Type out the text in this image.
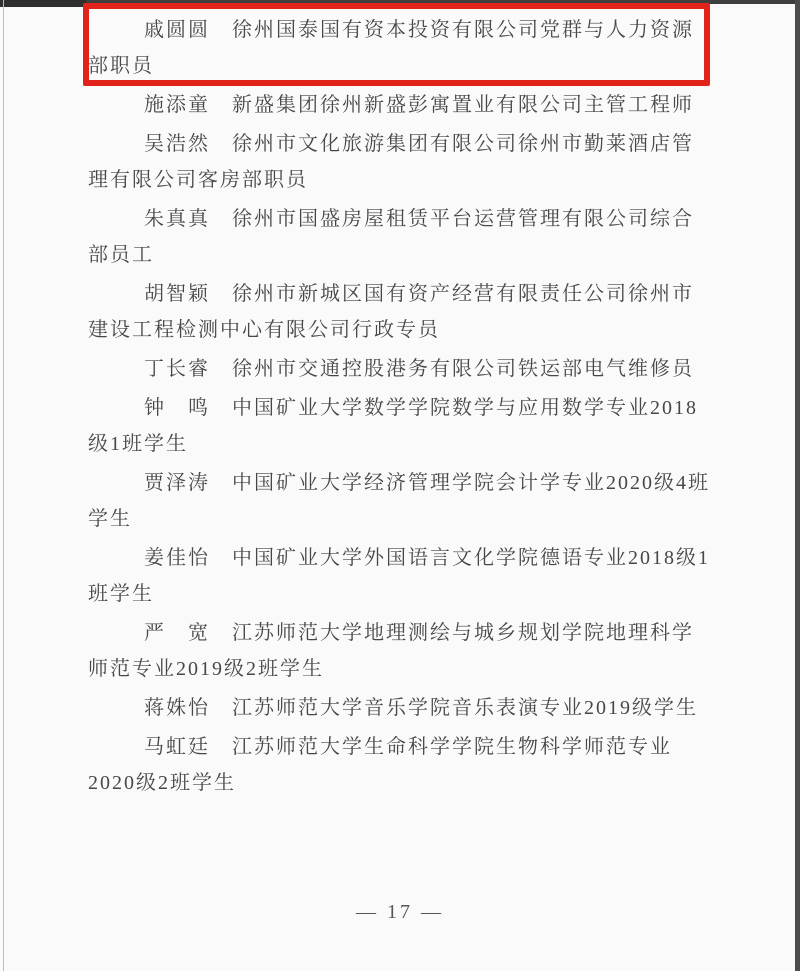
戚圆圆 徐州国泰国有资本投资有限公司党群与人力资源部职员

施添童 新盛集团徐州新盛彭寓置业有限公司主管工程师

吴浩然 徐州市文化旅游集团有限公司徐州市勤莱酒店管理有限公司客房部职员

朱真真 徐州市国盛房屋租赁平台运营管理有限公司综合部员工

胡智颖 徐州市新城区国有资产经营有限责任公司徐州市建设工程检测中心有限公司行政专员

丁长睿 徐州市交通控股港务有限公司铁运部电气维修员

钟　鸣 中国矿业大学数学学院数学与应用数学专业2018级1班学生

贾泽涛 中国矿业大学经济管理学院会计学专业2020级4班学生

姜佳怡 中国矿业大学外国语言文化学院德语专业2018级1班学生

严　宽 江苏师范大学地理测绘与城乡规划学院地理科学师范专业2019级2班学生

蒋姝怡 江苏师范大学音乐学院音乐表演专业2019级学生

马虹廷 江苏师范大学生命科学学院生物科学师范专业2020级2班学生

— 17 —
